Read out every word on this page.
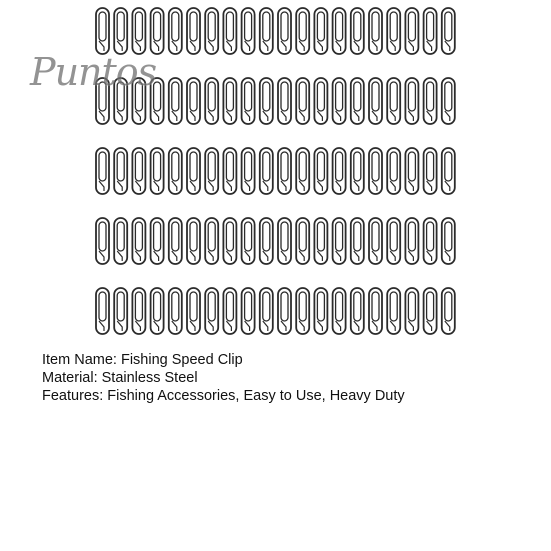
Puntos
Item Name: Fishing Speed Clip
Material: Stainless Steel
Features: Fishing Accessories, Easy to Use, Heavy Duty
